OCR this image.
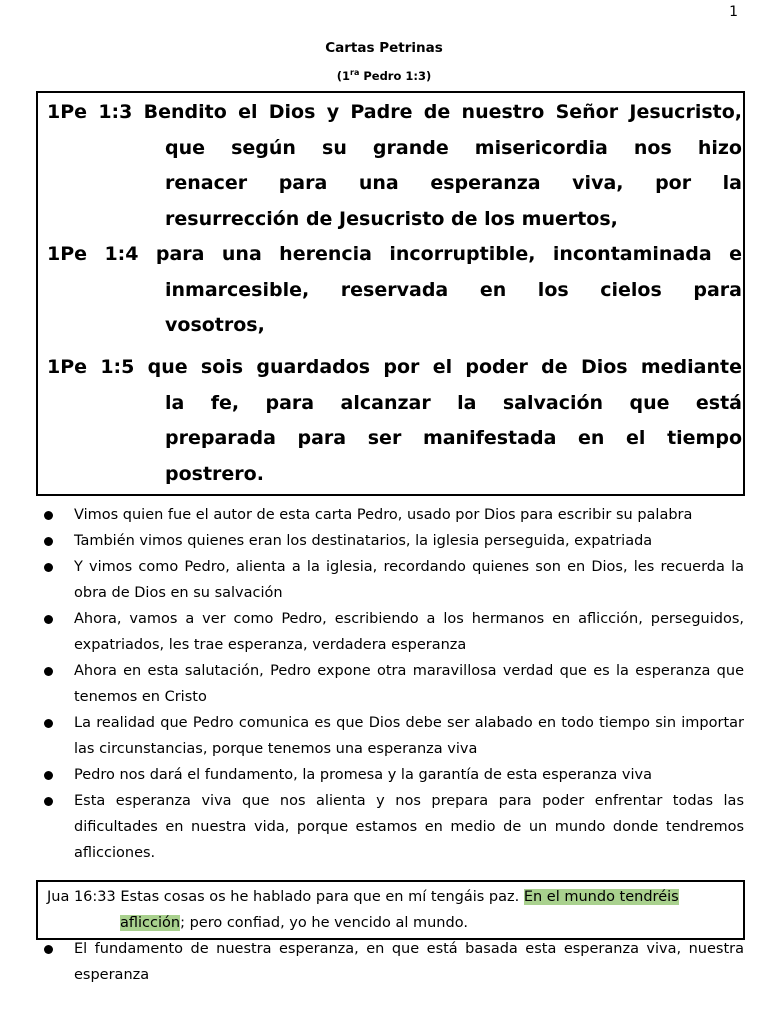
1
Cartas Petrinas
($1^{ra}$ Pedro 1:3)
1Pe 1:3 Bendito el Dios y Padre de nuestro Señor Jesucristo,
que según su grande misericordia nos hizo
renacer para una esperanza viva, por la
resurrección de Jesucristo de los muertos,
1Pe 1:4 para una herencia incorruptible, incontaminada e
inmarcesible, reservada en los cielos para
vosotros,
1Pe 1:5 que sois guardados por el poder de Dios mediante
la fe, para alcanzar la salvación que está
preparada para ser manifestada en el tiempo
postrero.
Vimos quien fue el autor de esta carta Pedro, usado por Dios para escribir su palabra
También vimos quienes eran los destinatarios, la iglesia perseguida, expatriada
Y vimos como Pedro, alienta a la iglesia, recordando quienes son en Dios, les recuerda la obra de Dios en su salvación
Ahora, vamos a ver como Pedro, escribiendo a los hermanos en aflicción, perseguidos, expatriados, les trae esperanza, verdadera esperanza
Ahora en esta salutación, Pedro expone otra maravillosa verdad que es la esperanza que tenemos en Cristo
La realidad que Pedro comunica es que Dios debe ser alabado en todo tiempo sin importar las circunstancias, porque tenemos una esperanza viva
Pedro nos dará el fundamento, la promesa y la garantía de esta esperanza viva
Esta esperanza viva que nos alienta y nos prepara para poder enfrentar todas las dificultades en nuestra vida, porque estamos en medio de un mundo donde tendremos aflicciones.
Jua 16:33 Estas cosas os he hablado para que en mí tengáis paz. En el mundo tendréis
aflicción; pero confiad, yo he vencido al mundo.
El fundamento de nuestra esperanza, en que está basada esta esperanza viva, nuestra esperanza
